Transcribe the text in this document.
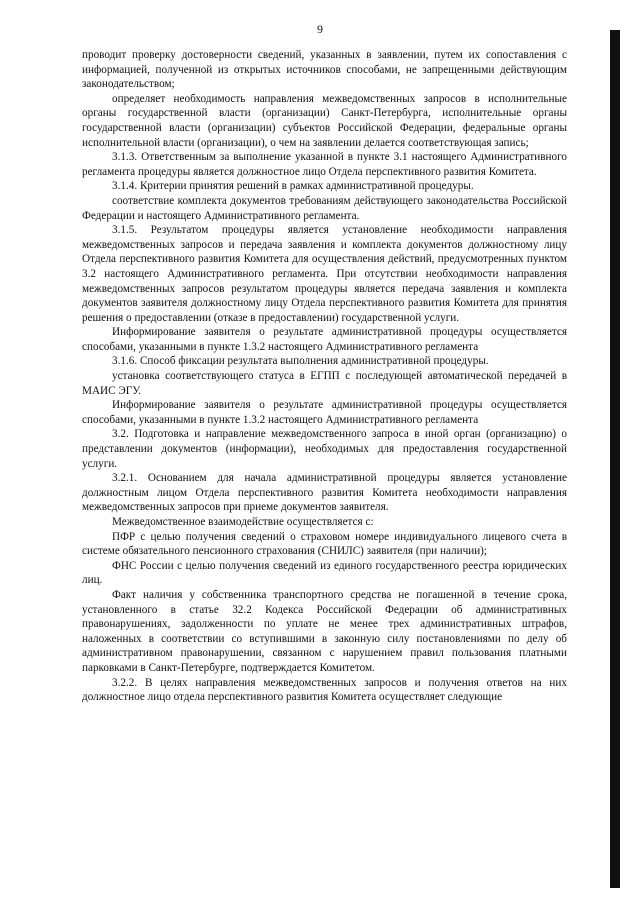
9

проводит проверку достоверности сведений, указанных в заявлении, путем их сопоставления с информацией, полученной из открытых источников способами, не запрещенными действующим законодательством;

определяет необходимость направления межведомственных запросов в исполнительные органы государственной власти (организации) Санкт-Петербурга, исполнительные органы государственной власти (организации) субъектов Российской Федерации, федеральные органы исполнительной власти (организации), о чем на заявлении делается соответствующая запись;

3.1.3. Ответственным за выполнение указанной в пункте 3.1 настоящего Административного регламента процедуры является должностное лицо Отдела перспективного развития Комитета.

3.1.4. Критерии принятия решений в рамках административной процедуры.

соответствие комплекта документов требованиям действующего законодательства Российской Федерации и настоящего Административного регламента.

3.1.5. Результатом процедуры является установление необходимости направления межведомственных запросов и передача заявления и комплекта документов должностному лицу Отдела перспективного развития Комитета для осуществления действий, предусмотренных пунктом 3.2 настоящего Административного регламента. При отсутствии необходимости направления межведомственных запросов результатом процедуры является передача заявления и комплекта документов заявителя должностному лицу Отдела перспективного развития Комитета для принятия решения о предоставлении (отказе в предоставлении) государственной услуги.

Информирование заявителя о результате административной процедуры осуществляется способами, указанными в пункте 1.3.2 настоящего Административного регламента

3.1.6. Способ фиксации результата выполнения административной процедуры.

установка соответствующего статуса в ЕГПП с последующей автоматической передачей в МАИС ЭГУ.

Информирование заявителя о результате административной процедуры осуществляется способами, указанными в пункте 1.3.2 настоящего Административного регламента

3.2. Подготовка и направление межведомственного запроса в иной орган (организацию) о представлении документов (информации), необходимых для предоставления государственной услуги.

3.2.1. Основанием для начала административной процедуры является установление должностным лицом Отдела перспективного развития Комитета необходимости направления межведомственных запросов при приеме документов заявителя.

Межведомственное взаимодействие осуществляется с:

ПФР с целью получения сведений о страховом номере индивидуального лицевого счета в системе обязательного пенсионного страхования (СНИЛС) заявителя (при наличии);

ФНС России с целью получения сведений из единого государственного реестра юридических лиц.

Факт наличия у собственника транспортного средства не погашенной в течение срока, установленного в статье 32.2 Кодекса Российской Федерации об административных правонарушениях, задолженности по уплате не менее трех административных штрафов, наложенных в соответствии со вступившими в законную силу постановлениями по делу об административном правонарушении, связанном с нарушением правил пользования платными парковками в Санкт-Петербурге, подтверждается Комитетом.

3.2.2. В целях направления межведомственных запросов и получения ответов на них должностное лицо отдела перспективного развития Комитета осуществляет следующие
